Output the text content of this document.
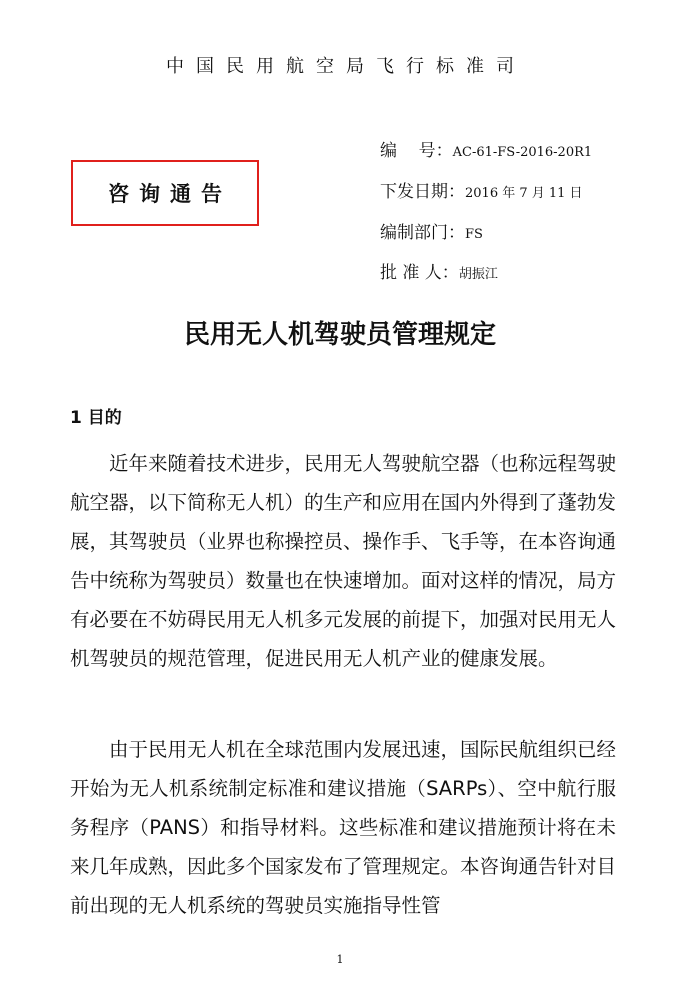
中国民用航空局飞行标准司
咨询通告
编    号：AC-61-FS-2016-20R1
下发日期：2016 年 7 月 11 日
编制部门：FS
批 准 人：胡振江
民用无人机驾驶员管理规定
1 目的

近年来随着技术进步，民用无人驾驶航空器（也称远程驾驶航空器，以下简称无人机）的生产和应用在国内外得到了蓬勃发展，其驾驶员（业界也称操控员、操作手、飞手等，在本咨询通告中统称为驾驶员）数量也在快速增加。面对这样的情况，局方有必要在不妨碍民用无人机多元发展的前提下，加强对民用无人机驾驶员的规范管理，促进民用无人机产业的健康发展。

由于民用无人机在全球范围内发展迅速，国际民航组织已经开始为无人机系统制定标准和建议措施（SARPs）、空中航行服务程序（PANS）和指导材料。这些标准和建议措施预计将在未来几年成熟，因此多个国家发布了管理规定。本咨询通告针对目前出现的无人机系统的驾驶员实施指导性管

1
